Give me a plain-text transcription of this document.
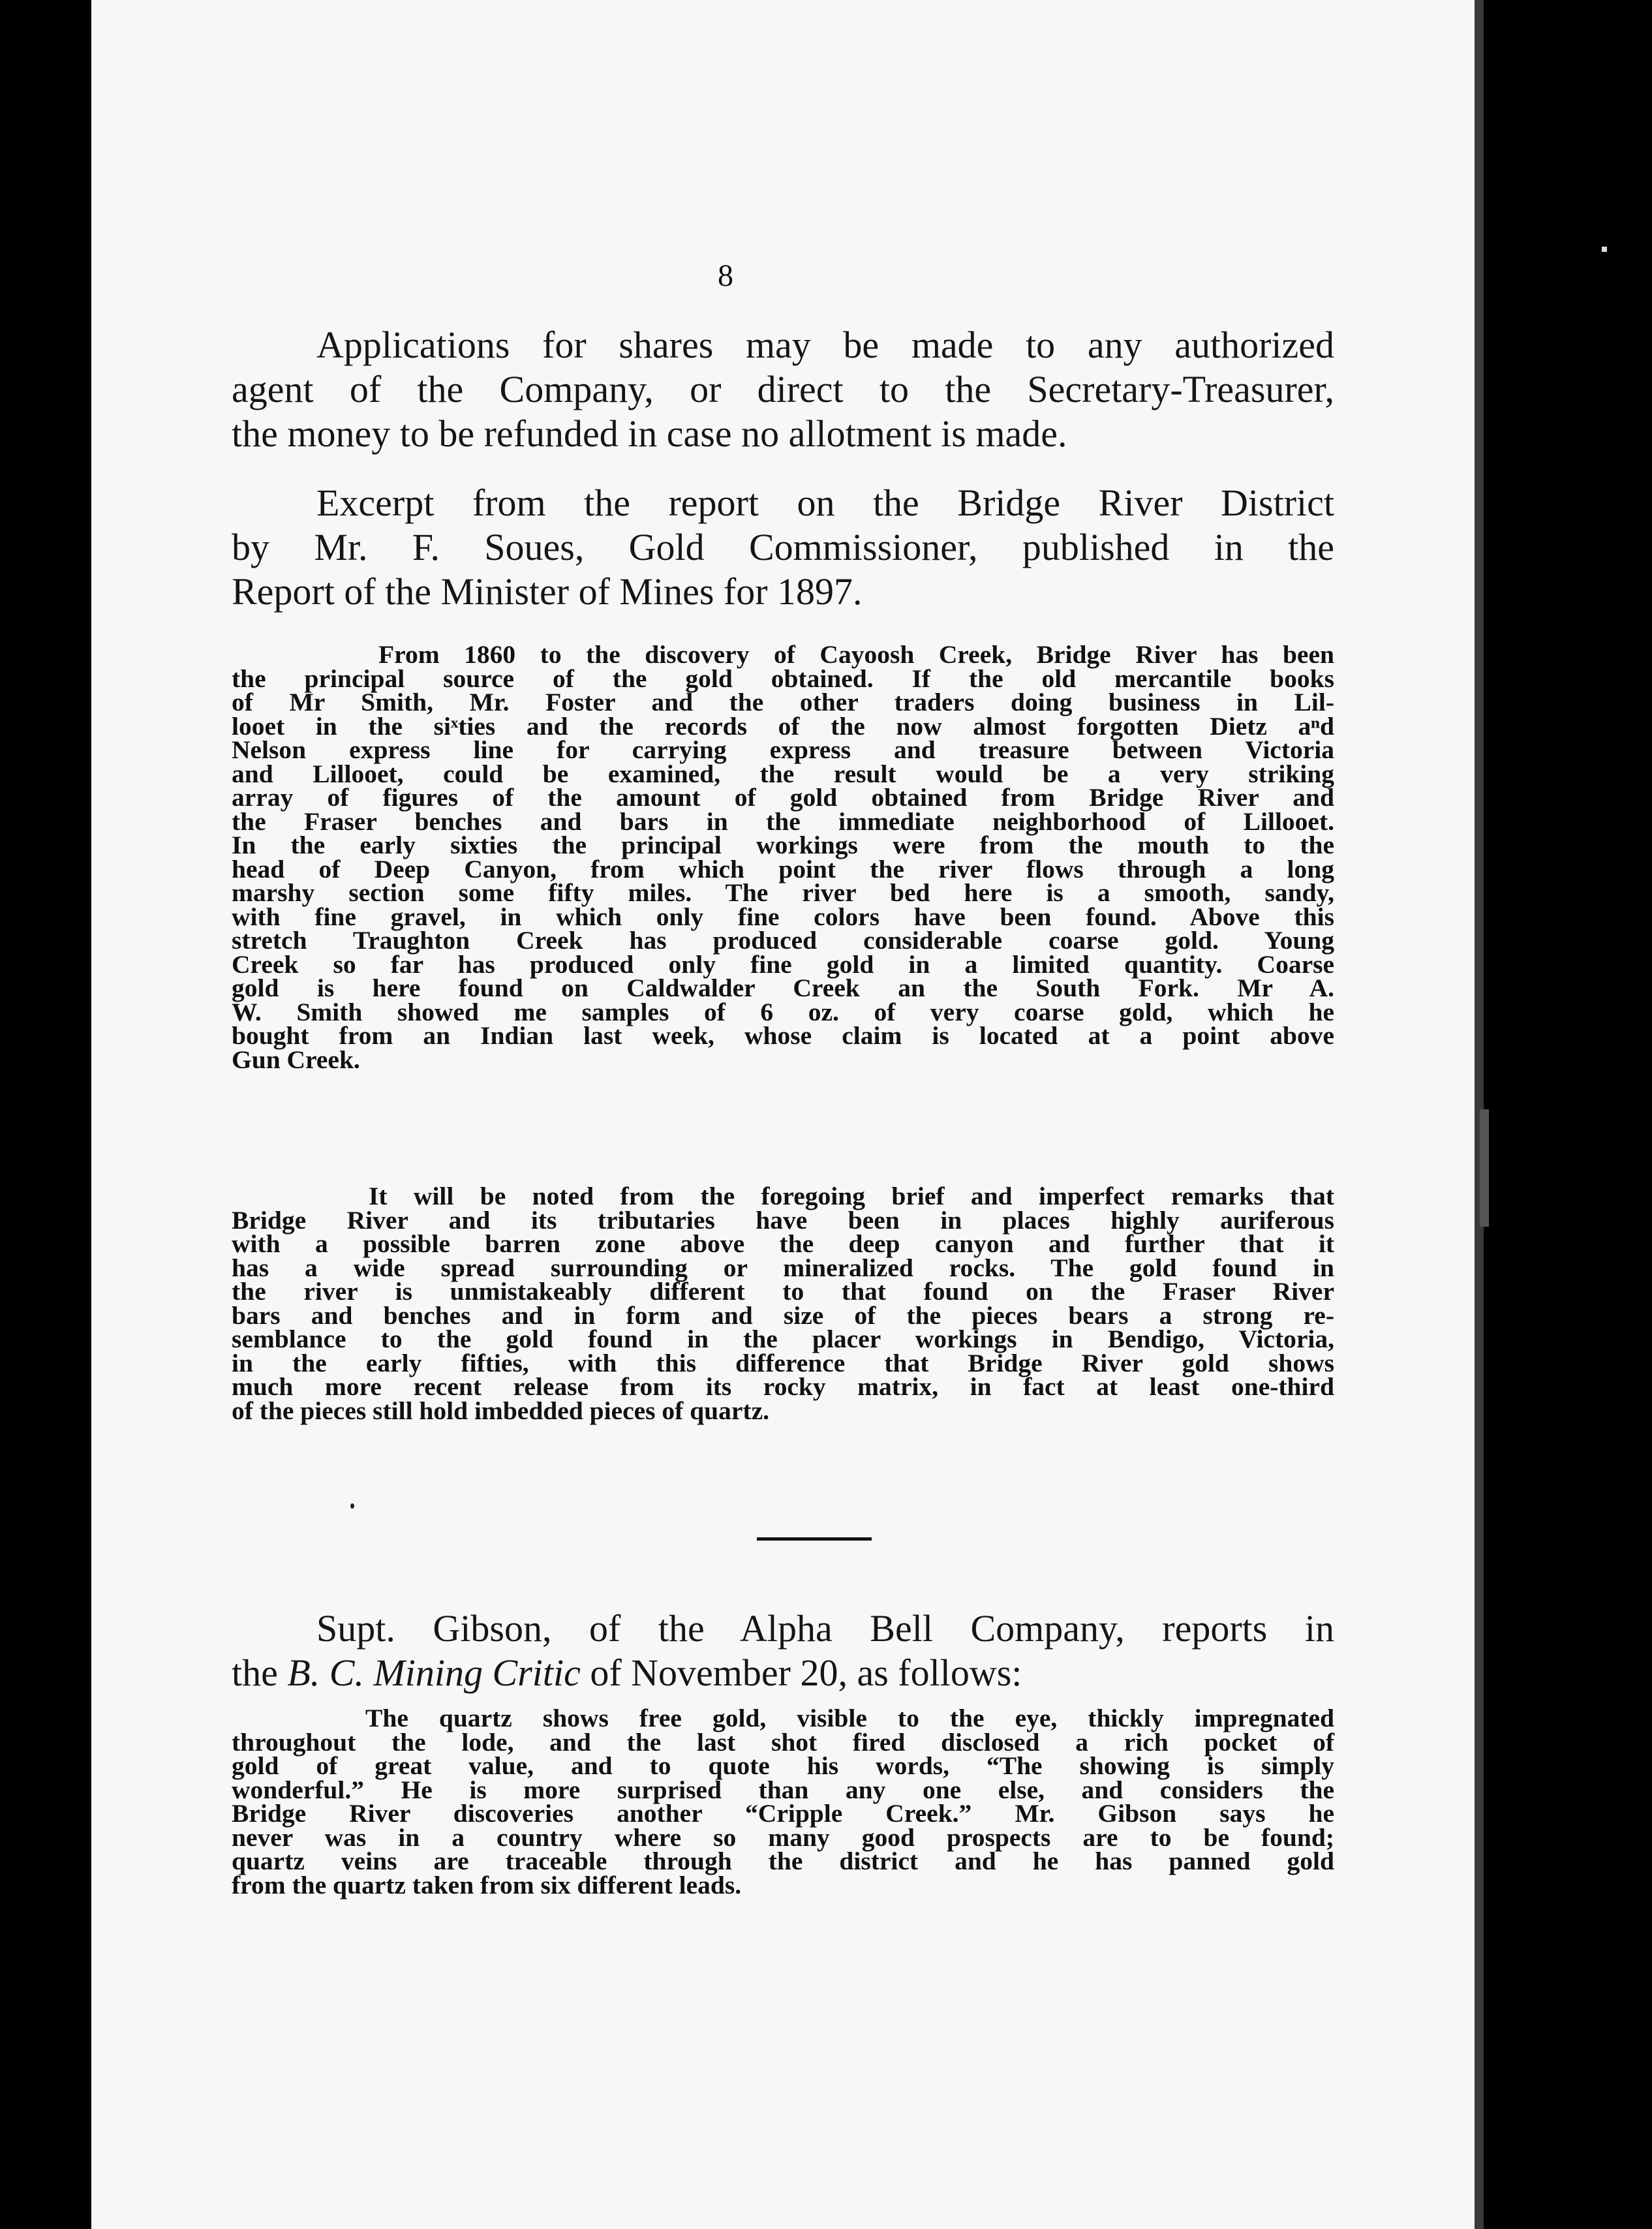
8
Applications for shares may be made to any authorized
agent of the Company, or direct to the Secretary-Treasurer,
the money to be refunded in case no allotment is made.
Excerpt from the report on the Bridge River District
by Mr. F. Soues, Gold Commissioner, published in the
Report of the Minister of Mines for 1897.
From 1860 to the discovery of Cayoosh Creek, Bridge River has been
the principal source of the gold obtained. If the old mercantile books
of Mr Smith, Mr. Foster and the other traders doing business in Lil-
looet in the siˣties and the records of the now almost forgotten Dietz aⁿd
Nelson express line for carrying express and treasure between Victoria
and Lillooet, could be examined, the result would be a very striking
array of figures of the amount of gold obtained from Bridge River and
the Fraser benches and bars in the immediate neighborhood of Lillooet.
In the early sixties the principal workings were from the mouth to the
head of Deep Canyon, from which point the river flows through a long
marshy section some fifty miles. The river bed here is a smooth, sandy,
with fine gravel, in which only fine colors have been found. Above this
stretch Traughton Creek has produced considerable coarse gold. Young
Creek so far has produced only fine gold in a limited quantity. Coarse
gold is here found on Caldwalder Creek an the South Fork. Mr A.
W. Smith showed me samples of 6 oz. of very coarse gold, which he
bought from an Indian last week, whose claim is located at a point above
Gun Creek.
It will be noted from the foregoing brief and imperfect remarks that
Bridge River and its tributaries have been in places highly auriferous
with a possible barren zone above the deep canyon and further that it
has a wide spread surrounding or mineralized rocks. The gold found in
the river is unmistakeably different to that found on the Fraser River
bars and benches and in form and size of the pieces bears a strong re-
semblance to the gold found in the placer workings in Bendigo, Victoria,
in the early fifties, with this difference that Bridge River gold shows
much more recent release from its rocky matrix, in fact at least one-third
of the pieces still hold imbedded pieces of quartz.
Supt. Gibson, of the Alpha Bell Company, reports in
the B. C. Mining Critic of November 20, as follows:
The quartz shows free gold, visible to the eye, thickly impregnated
throughout the lode, and the last shot fired disclosed a rich pocket of
gold of great value, and to quote his words, “The showing is simply
wonderful.” He is more surprised than any one else, and considers the
Bridge River discoveries another “Cripple Creek.” Mr. Gibson says he
never was in a country where so many good prospects are to be found;
quartz veins are traceable through the district and he has panned gold
from the quartz taken from six different leads.
